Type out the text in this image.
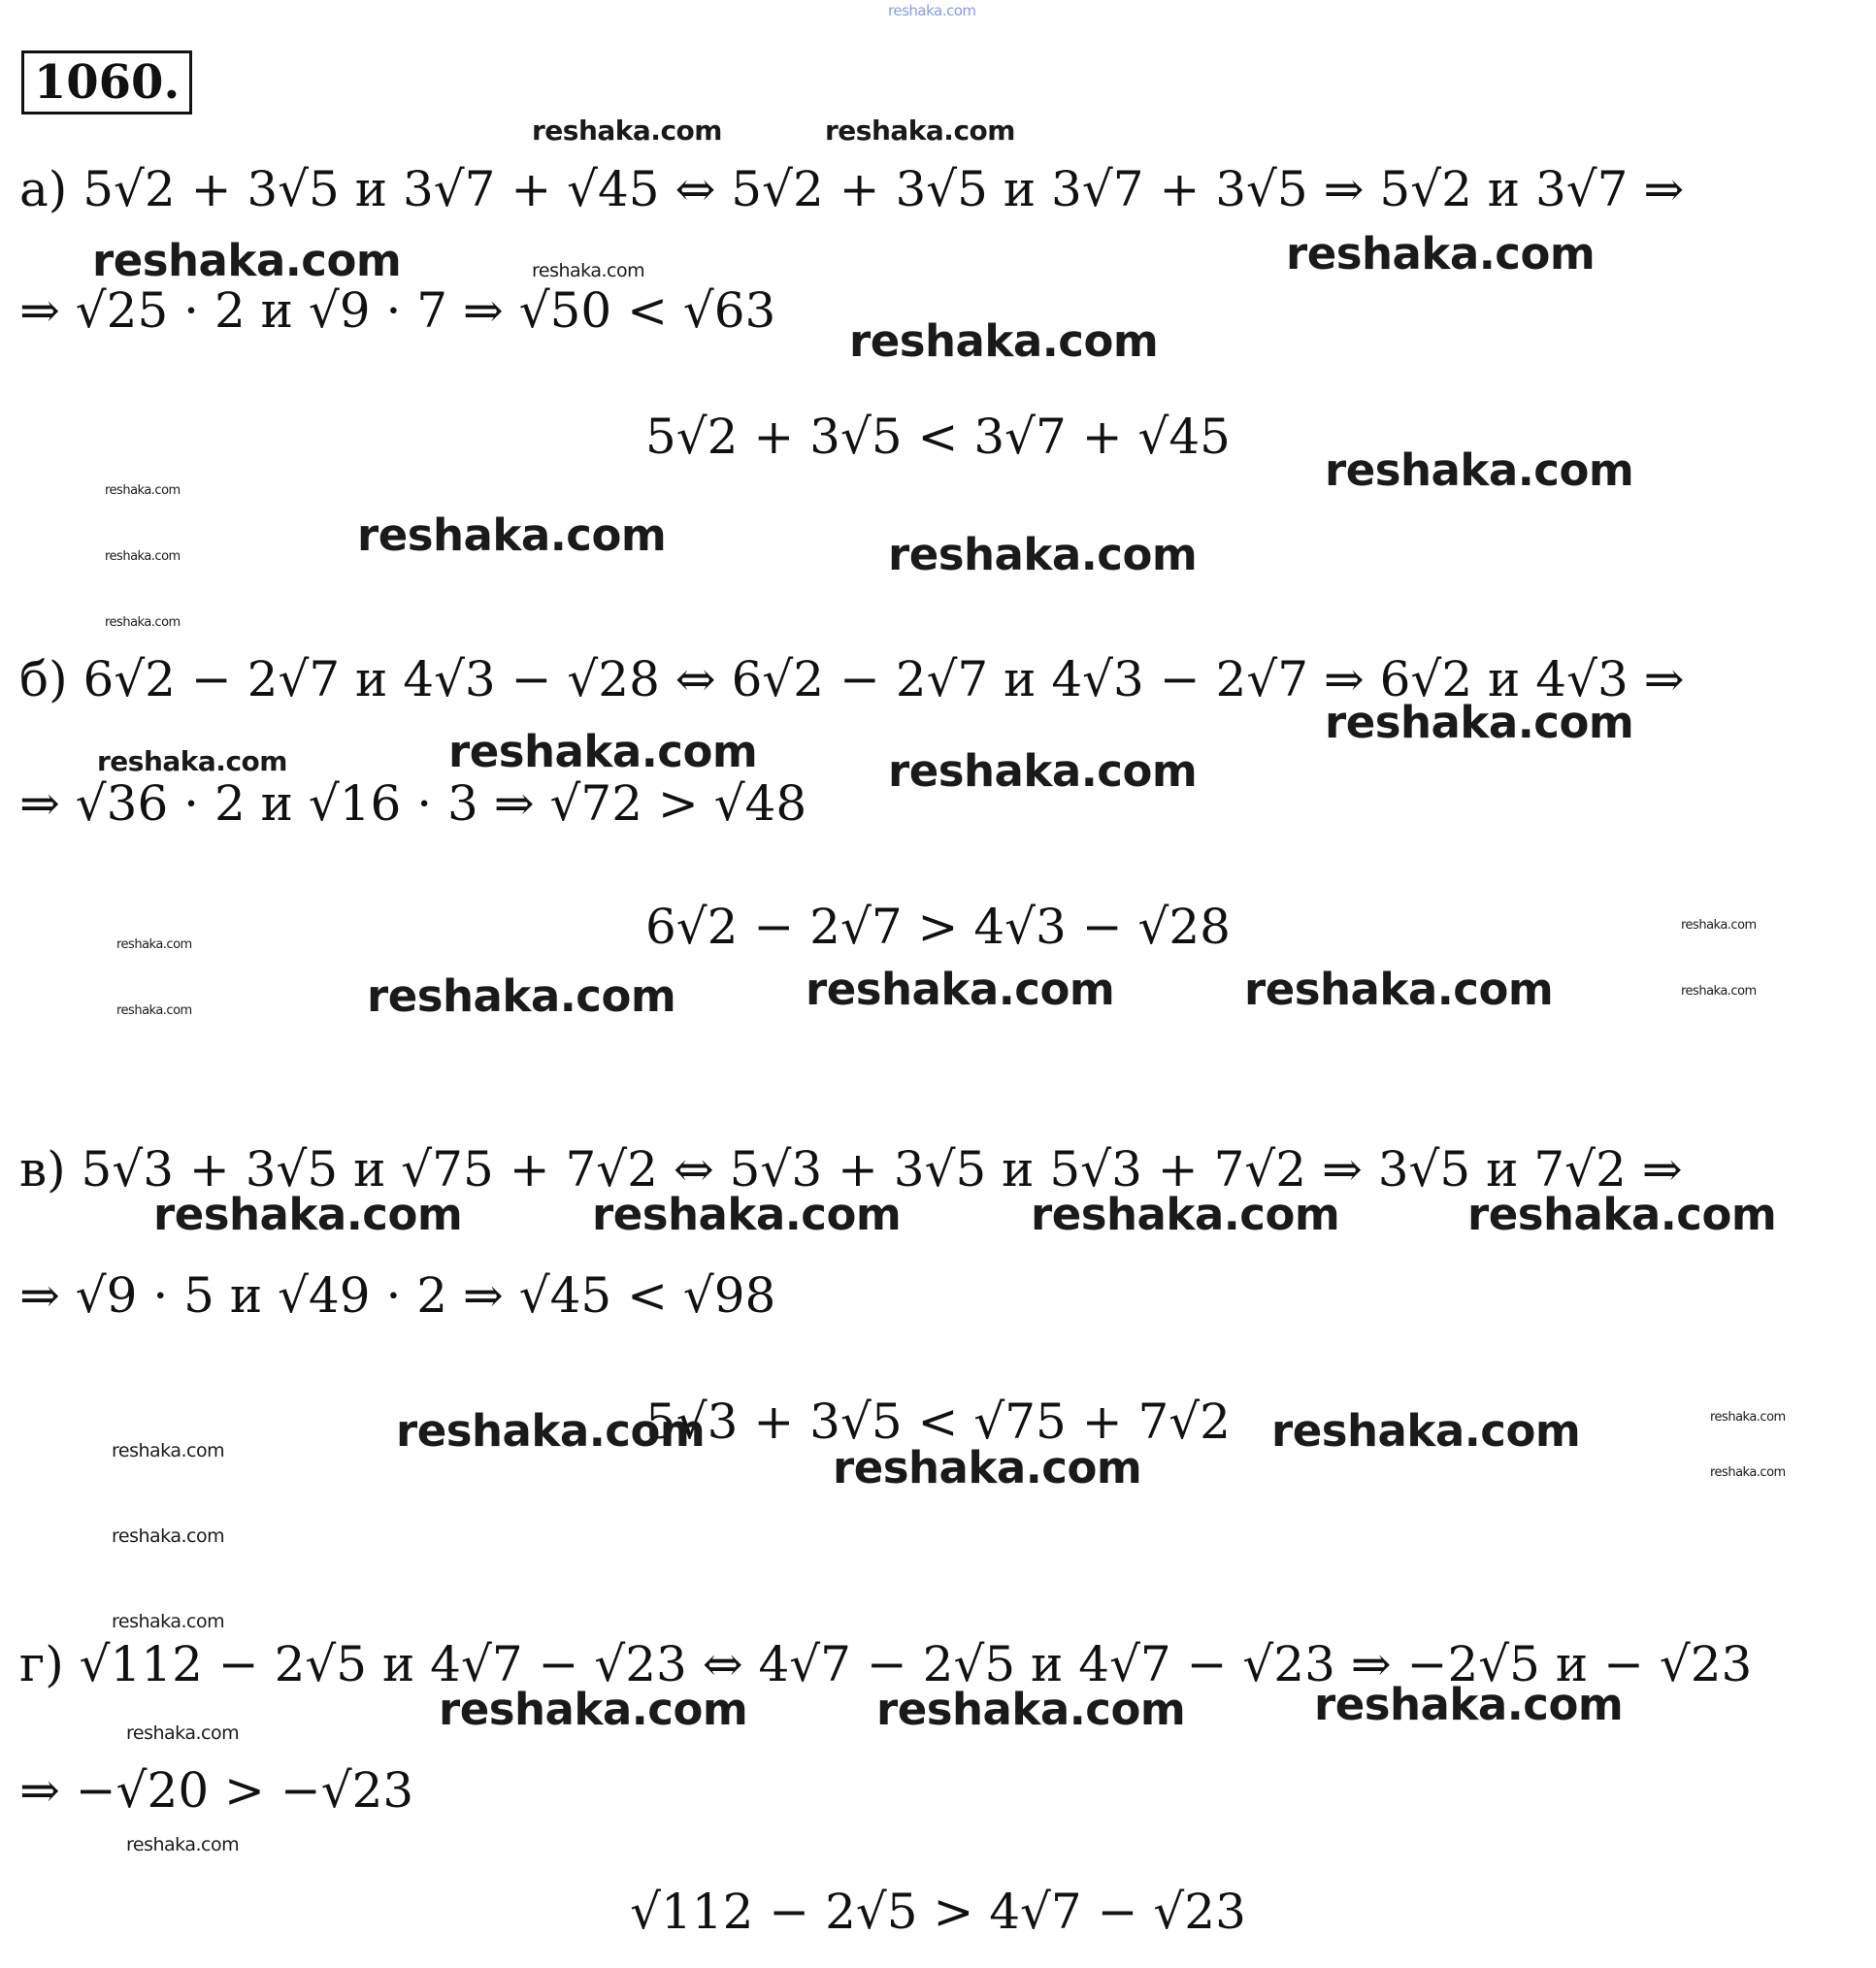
reshaka.com
1060.
а) 5√2 + 3√5 и 3√7 + √45 ⇔ 5√2 + 3√5 и 3√7 + 3√5 ⇒ 5√2 и 3√7 ⇒
⇒ √25 · 2 и √9 · 7 ⇒ √50 < √63
5√2 + 3√5 < 3√7 + √45
б) 6√2 − 2√7 и 4√3 − √28 ⇔ 6√2 − 2√7 и 4√3 − 2√7 ⇒ 6√2 и 4√3 ⇒
⇒ √36 · 2 и √16 · 3 ⇒ √72 > √48
6√2 − 2√7 > 4√3 − √28
в) 5√3 + 3√5 и √75 + 7√2 ⇔ 5√3 + 3√5 и 5√3 + 7√2 ⇒ 3√5 и 7√2 ⇒
⇒ √9 · 5 и √49 · 2 ⇒ √45 < √98
5√3 + 3√5 < √75 + 7√2
г) √112 − 2√5 и 4√7 − √23 ⇔ 4√7 − 2√5 и 4√7 − √23 ⇒ −2√5 и − √23
⇒ −√20 > −√23
√112 − 2√5 > 4√7 − √23
reshaka.com	reshaka.com
reshaka.com	reshaka.com	reshaka.com
reshaka.com
reshaka.com
reshaka.com
reshaka.com
reshaka.com
reshaka.com	reshaka.com
reshaka.com
reshaka.com	reshaka.com	reshaka.com
reshaka.com
reshaka.com
reshaka.com
reshaka.com
reshaka.com	reshaka.com	reshaka.com
reshaka.com	reshaka.com	reshaka.com	reshaka.com
reshaka.com	reshaka.com
reshaka.com
reshaka.com
reshaka.com
reshaka.com
reshaka.com
reshaka.com
reshaka.com	reshaka.com	reshaka.com
reshaka.com
reshaka.com
